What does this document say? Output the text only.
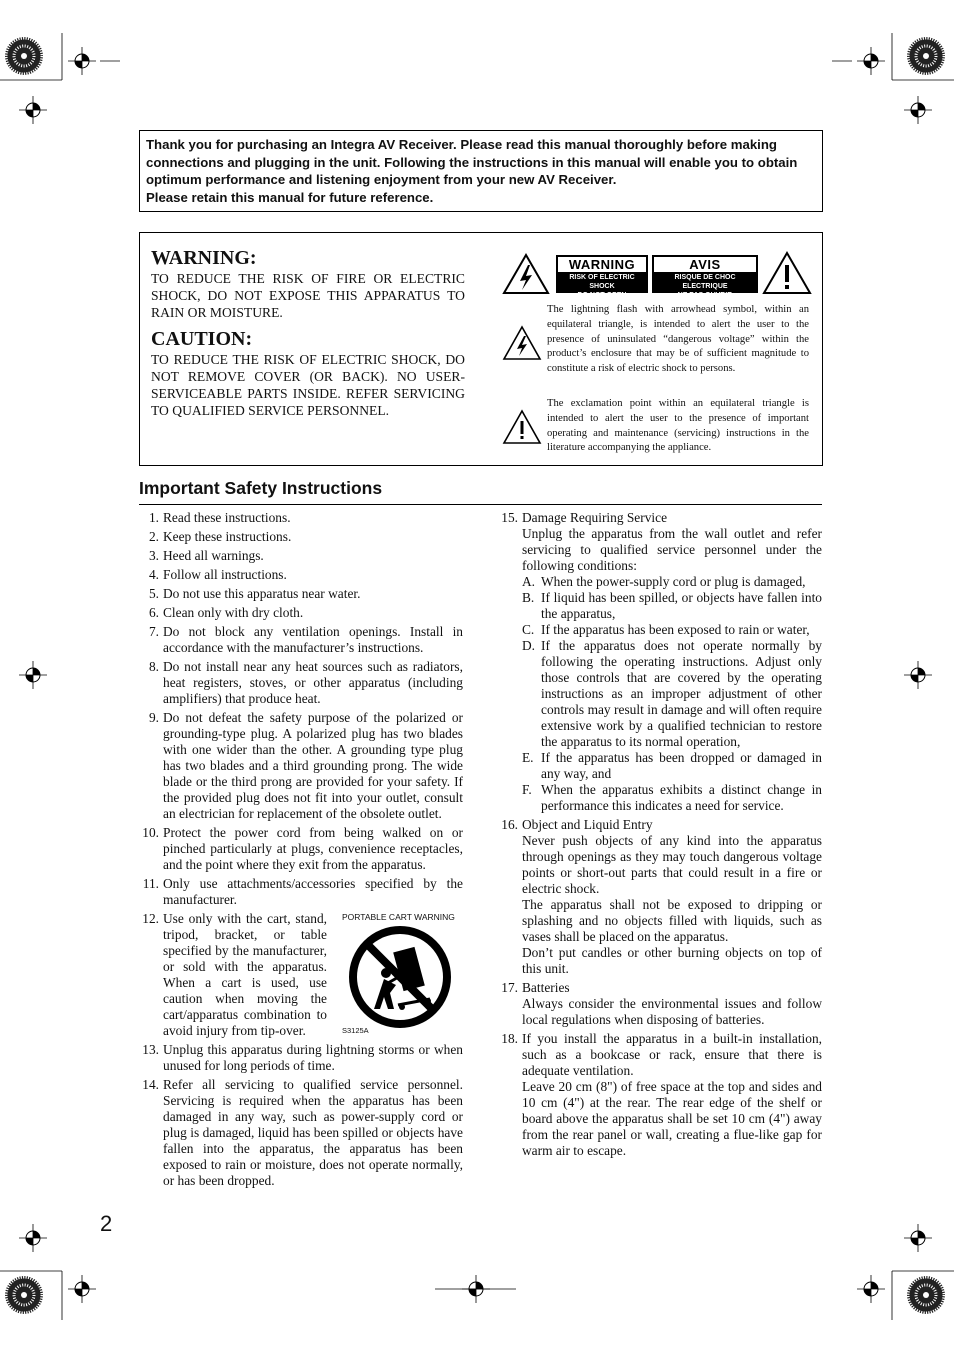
Thank you for purchasing an Integra AV Receiver. Please read this manual thoroughly before making connections and plugging in the unit. Following the instructions in this manual will enable you to obtain optimum performance and listening enjoyment from your new AV Receiver.

Please retain this manual for future reference.

WARNING:
TO REDUCE THE RISK OF FIRE OR ELECTRIC SHOCK, DO NOT EXPOSE THIS APPARATUS TO RAIN OR MOISTURE.
CAUTION:
TO REDUCE THE RISK OF ELECTRIC SHOCK, DO NOT REMOVE COVER (OR BACK). NO USER-SERVICEABLE PARTS INSIDE. REFER SERVICING TO QUALIFIED SERVICE PERSONNEL.
WARNING
RISK OF ELECTRIC SHOCK
DO NOT OPEN
AVIS
RISQUE DE CHOC ELECTRIQUE
NE PAS OUVRIR
The lightning flash with arrowhead symbol, within an equilateral triangle, is intended to alert the user to the presence of uninsulated “dangerous voltage” within the product’s enclosure that may be of sufficient magnitude to constitute a risk of electric shock to persons.
The exclamation point within an equilateral triangle is intended to alert the user to the presence of important operating and maintenance (servicing) instructions in the literature accompanying the appliance.
Important Safety Instructions
1. Read these instructions.

2. Keep these instructions.

3. Heed all warnings.

4. Follow all instructions.

5. Do not use this apparatus near water.

6. Clean only with dry cloth.

7. Do not block any ventilation openings. Install in accordance with the manufacturer’s instructions.

8. Do not install near any heat sources such as radiators, heat registers, stoves, or other apparatus (including amplifiers) that produce heat.

9. Do not defeat the safety purpose of the polarized or grounding-type plug. A polarized plug has two blades with one wider than the other. A grounding type plug has two blades and a third grounding prong. The wide blade or the third prong are provided for your safety. If the provided plug does not fit into your outlet, consult an electrician for replacement of the obsolete outlet.

10. Protect the power cord from being walked on or pinched particularly at plugs, convenience receptacles, and the point where they exit from the apparatus.

11. Only use attachments/accessories specified by the manufacturer.

12. Use only with the cart, stand, tripod, bracket, or table specified by the manufacturer, or sold with the apparatus. When a cart is used, use caution when moving the cart/apparatus combination to avoid injury from tip-over.

PORTABLE CART WARNING
S3125A
13. Unplug this apparatus during lightning storms or when unused for long periods of time.

14. Refer all servicing to qualified service personnel. Servicing is required when the apparatus has been damaged in any way, such as power-supply cord or plug is damaged, liquid has been spilled or objects have fallen into the apparatus, the apparatus has been exposed to rain or moisture, does not operate normally, or has been dropped.

15. Damage Requiring Service

Unplug the apparatus from the wall outlet and refer servicing to qualified service personnel under the following conditions:

A. When the power-supply cord or plug is damaged,
B. If liquid has been spilled, or objects have fallen into the apparatus,
C. If the apparatus has been exposed to rain or water,
D. If the apparatus does not operate normally by following the operating instructions. Adjust only those controls that are covered by the operating instructions as an improper adjustment of other controls may result in damage and will often require extensive work by a qualified technician to restore the apparatus to its normal operation,
E. If the apparatus has been dropped or damaged in any way, and
F. When the apparatus exhibits a distinct change in performance this indicates a need for service.
16. Object and Liquid Entry

Never push objects of any kind into the apparatus through openings as they may touch dangerous voltage points or short-out parts that could result in a fire or electric shock.

The apparatus shall not be exposed to dripping or splashing and no objects filled with liquids, such as vases shall be placed on the apparatus.

Don’t put candles or other burning objects on top of this unit.

17. Batteries

Always consider the environmental issues and follow local regulations when disposing of batteries.

18. If you install the apparatus in a built-in installation, such as a bookcase or rack, ensure that there is adequate ventilation.

Leave 20 cm (8") of free space at the top and sides and 10 cm (4") at the rear. The rear edge of the shelf or board above the apparatus shall be set 10 cm (4") away from the rear panel or wall, creating a flue-like gap for warm air to escape.

2
